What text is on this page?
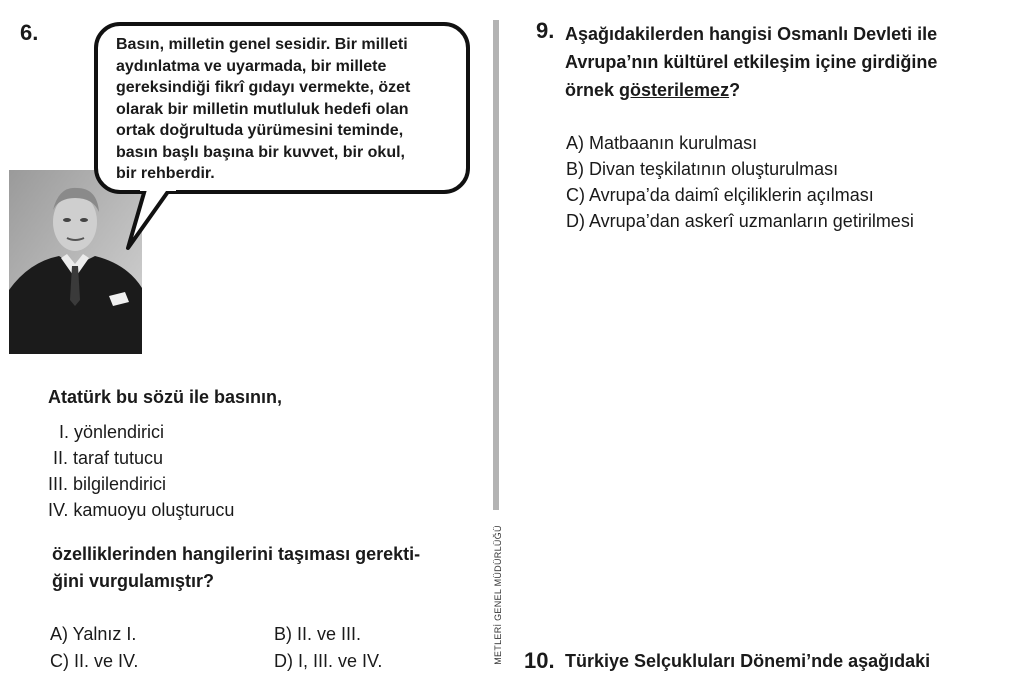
6.	Basın, milletin genel sesidir. Bir milleti
aydınlatma ve uyarmada, bir millete
gereksindiği fikrî gıdayı vermekte, özet
olarak bir milletin mutluluk hedefi olan
ortak doğrultuda yürümesini teminde,
basın başlı başına bir kuvvet, bir okul,
bir rehberdir.
Atatürk bu sözü ile basının,
I. yönlendirici
II. taraf tutucu
III. bilgilendirici
IV. kamuoyu oluşturucu
özelliklerinden hangilerini taşıması gerekti-
ğini vurgulamıştır?
A) Yalnız I.	B) II. ve III.
C) II. ve IV.	D) I, III. ve IV.	METLERİ GENEL MÜDÜRLÜĞÜ
9. Aşağıdakilerden hangisi Osmanlı Devleti ile
Avrupa’nın kültürel etkileşim içine girdiğine
örnek gösterilemez?
A) Matbaanın kurulması
B) Divan teşkilatının oluşturulması
C) Avrupa’da daimî elçiliklerin açılması
D) Avrupa’dan askerî uzmanların getirilmesi
10. Türkiye Selçukluları Dönemi’nde aşağıdaki
